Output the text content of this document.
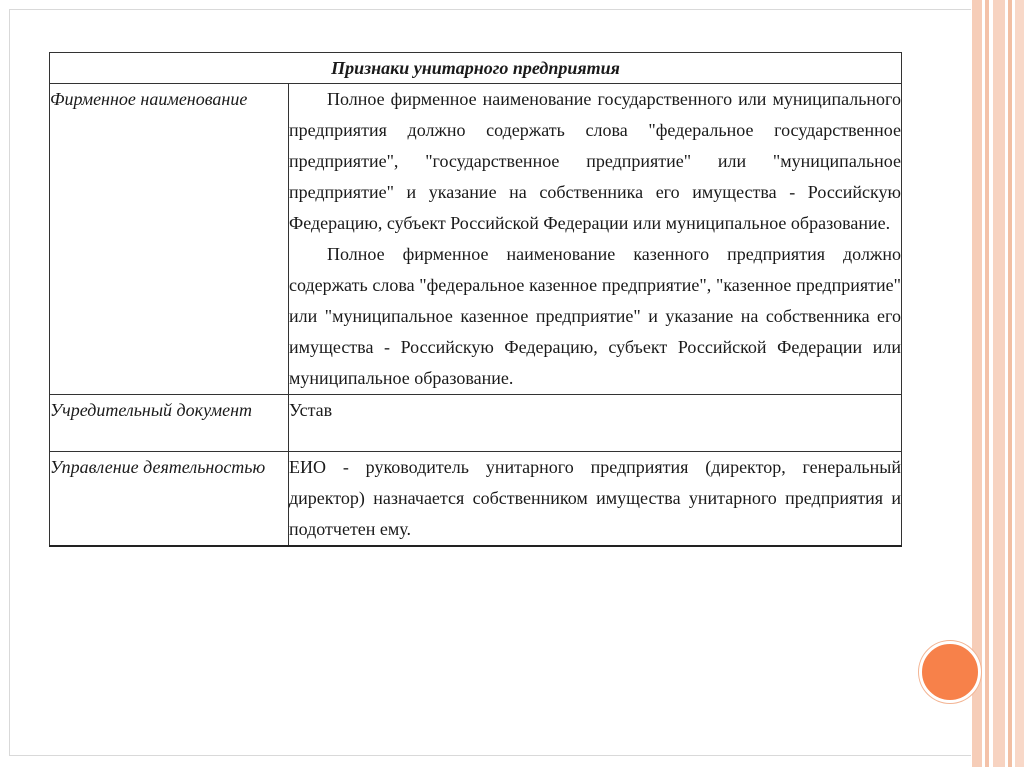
Признаки унитарного предприятия	
Фирменное наименование	Полное фирменное наименование государственного или муниципального предприятия должно содержать слова "федеральное государственное предприятие", "государственное предприятие" или "муниципальное предприятие" и указание на собственника его имущества - Российскую Федерацию, субъект Российской Федерации или муниципальное образование.

Полное фирменное наименование казенного предприятия должно содержать слова "федеральное казенное предприятие", "казенное предприятие" или "муниципальное казенное предприятие" и указание на собственника его имущества - Российскую Федерацию, субъект Российской Федерации или муниципальное образование.

Учредительный документ	Устав
Управление деятельностью	ЕИО - руководитель унитарного предприятия (директор, генеральный директор) назначается собственником имущества унитарного предприятия и подотчетен ему.
